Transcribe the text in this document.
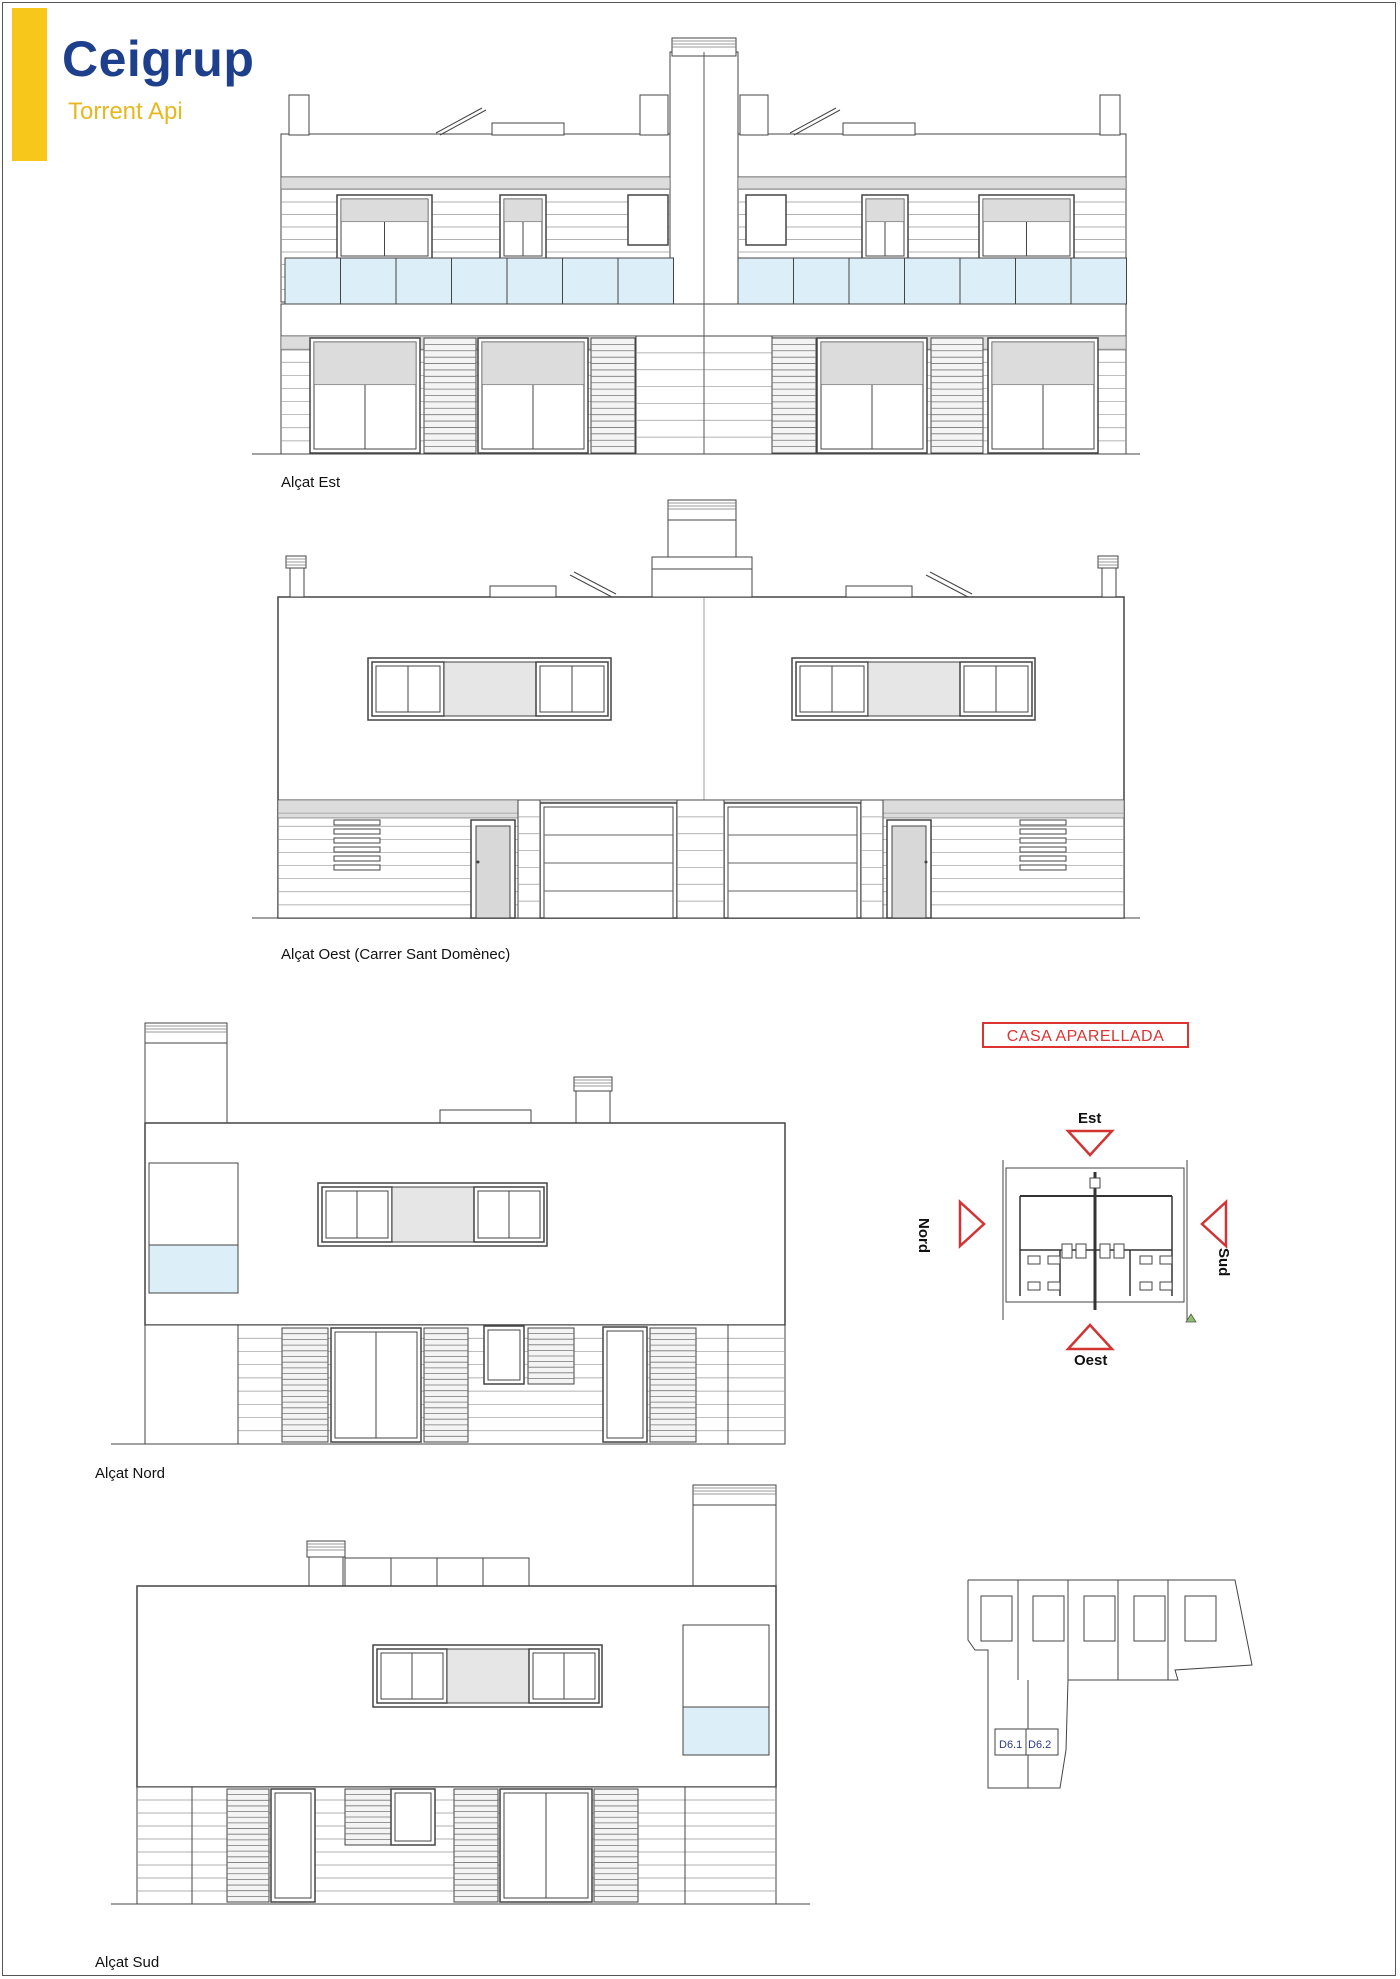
Ceigrup
Torrent Api
Alçat Est
Alçat Oest (Carrer Sant Domènec)
Alçat Nord
Alçat Sud
CASA APARELLADA
Est
Oest
Nord
Sud
D6.1 D6.2
